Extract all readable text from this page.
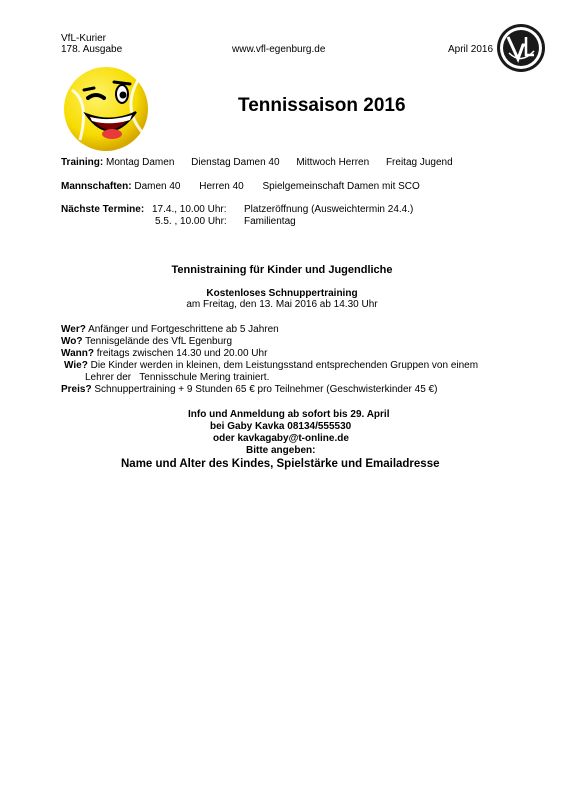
VfL-Kurier
178. Ausgabe	www.vfl-egenburg.de	April 2016
Tennissaison 2016
Training: Montag Damen Dienstag Damen 40 Mittwoch Herren Freitag Jugend
Mannschaften: Damen 40 Herren 40 Spielgemeinschaft Damen mit SCO
Nächste Termine: 17.4., 10.00 Uhr: Platzeröffnung (Ausweichtermin 24.4.)
5.5. , 10.00 Uhr: Familientag
Tennistraining für Kinder und Jugendliche
Kostenloses Schnuppertraining
am Freitag, den 13. Mai 2016 ab 14.30 Uhr
Wer? Anfänger und Fortgeschrittene ab 5 Jahren
Wo? Tennisgelände des VfL Egenburg
Wann? freitags zwischen 14.30 und 20.00 Uhr
Wie? Die Kinder werden in kleinen, dem Leistungsstand entsprechenden Gruppen von einem
Lehrer der   Tennisschule Mering trainiert.
Preis? Schnuppertraining + 9 Stunden 65 € pro Teilnehmer (Geschwisterkinder 45 €)
Info und Anmeldung ab sofort bis 29. April
bei Gaby Kavka 08134/555530
oder kavkagaby@t-online.de
Bitte angeben:
Name und Alter des Kindes, Spielstärke und Emailadresse
